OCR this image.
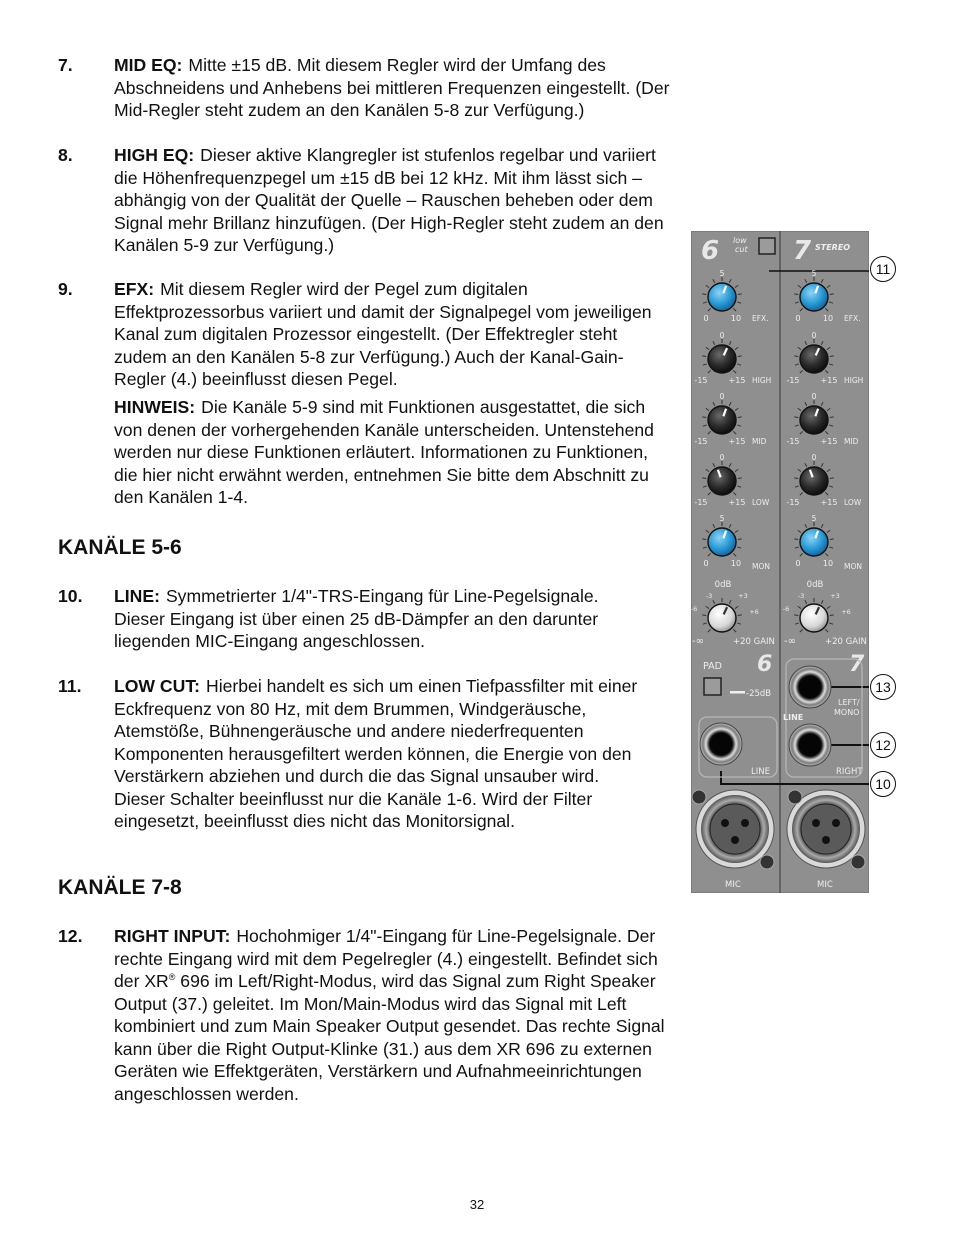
7. MID EQ: Mitte ±15 dB. Mit diesem Regler wird der Umfang des Abschneidens und Anhebens bei mittleren Frequenzen eingestellt. (Der Mid-Regler steht zudem an den Kanälen 5-8 zur Verfügung.)
8. HIGH EQ: Dieser aktive Klangregler ist stufenlos regelbar und variiert die Höhenfrequenzpegel um ±15 dB bei 12 kHz. Mit ihm lässt sich – abhängig von der Qualität der Quelle – Rauschen beheben oder dem Signal mehr Brillanz hinzufügen. (Der High-Regler steht zudem an den Kanälen 5-9 zur Verfügung.)
9. EFX: Mit diesem Regler wird der Pegel zum digitalen Effektprozessorbus variiert und damit der Signalpegel vom jeweiligen Kanal zum digitalen Prozessor eingestellt. (Der Effektregler steht zudem an den Kanälen 5-8 zur Verfügung.) Auch der Kanal-Gain-Regler (4.) beeinflusst diesen Pegel.
HINWEIS: Die Kanäle 5-9 sind mit Funktionen ausgestattet, die sich von denen der vorhergehenden Kanäle unterscheiden. Untenstehend werden nur diese Funktionen erläutert. Informationen zu Funktionen, die hier nicht erwähnt werden, entnehmen Sie bitte dem Abschnitt zu den Kanälen 1-4.
KANÄLE 5-6
10. LINE: Symmetrierter 1/4"-TRS-Eingang für Line-Pegelsignale. Dieser Eingang ist über einen 25 dB-Dämpfer an den darunter liegenden MIC-Eingang angeschlossen.
11. LOW CUT: Hierbei handelt es sich um einen Tiefpassfilter mit einer Eckfrequenz von 80 Hz, mit dem Brummen, Windgeräusche, Atemstöße, Bühnengeräusche und andere niederfrequenten Komponenten herausgefiltert werden können, die Energie von den Verstärkern abziehen und durch die das Signal unsauber wird. Dieser Schalter beeinflusst nur die Kanäle 1-6. Wird der Filter eingesetzt, beeinflusst dies nicht das Monitorsignal.
KANÄLE 7-8
12. RIGHT INPUT: Hochohmiger 1/4"-Eingang für Line-Pegelsignale. Der rechte Eingang wird mit dem Pegelregler (4.) eingestellt. Befindet sich der XR® 696 im Left/Right-Modus, wird das Signal zum Right Speaker Output (37.) geleitet. Im Mon/Main-Modus wird das Signal mit Left kombiniert und zum Main Speaker Output gesendet. Das rechte Signal kann über die Right Output-Klinke (31.) aus dem XR 696 zu externen Geräten wie Effektgeräten, Verstärkern und Aufnahmeeinrichtungen angeschlossen werden.
32
6 low
cut 7 STEREO
5
0	10 EFX.
0
-15	+15 HIGH
0
-15	+15 MID
0
-15	+15 LOW
5
0	10 MON
0dB
-3	+3
-6	+6
-∞	+20 GAIN
5
0	10 EFX.
0
-15	+15 HIGH
0
-15	+15 MID
0
-15	+15 LOW
5
0	10 MON
0dB
-3	+3
-6	+6
-∞	+20 GAIN
PAD 6	7
-25dB
LEFT/
MONO
LINE
RIGHT
LINE
MIC	MIC
11
13
12
10
